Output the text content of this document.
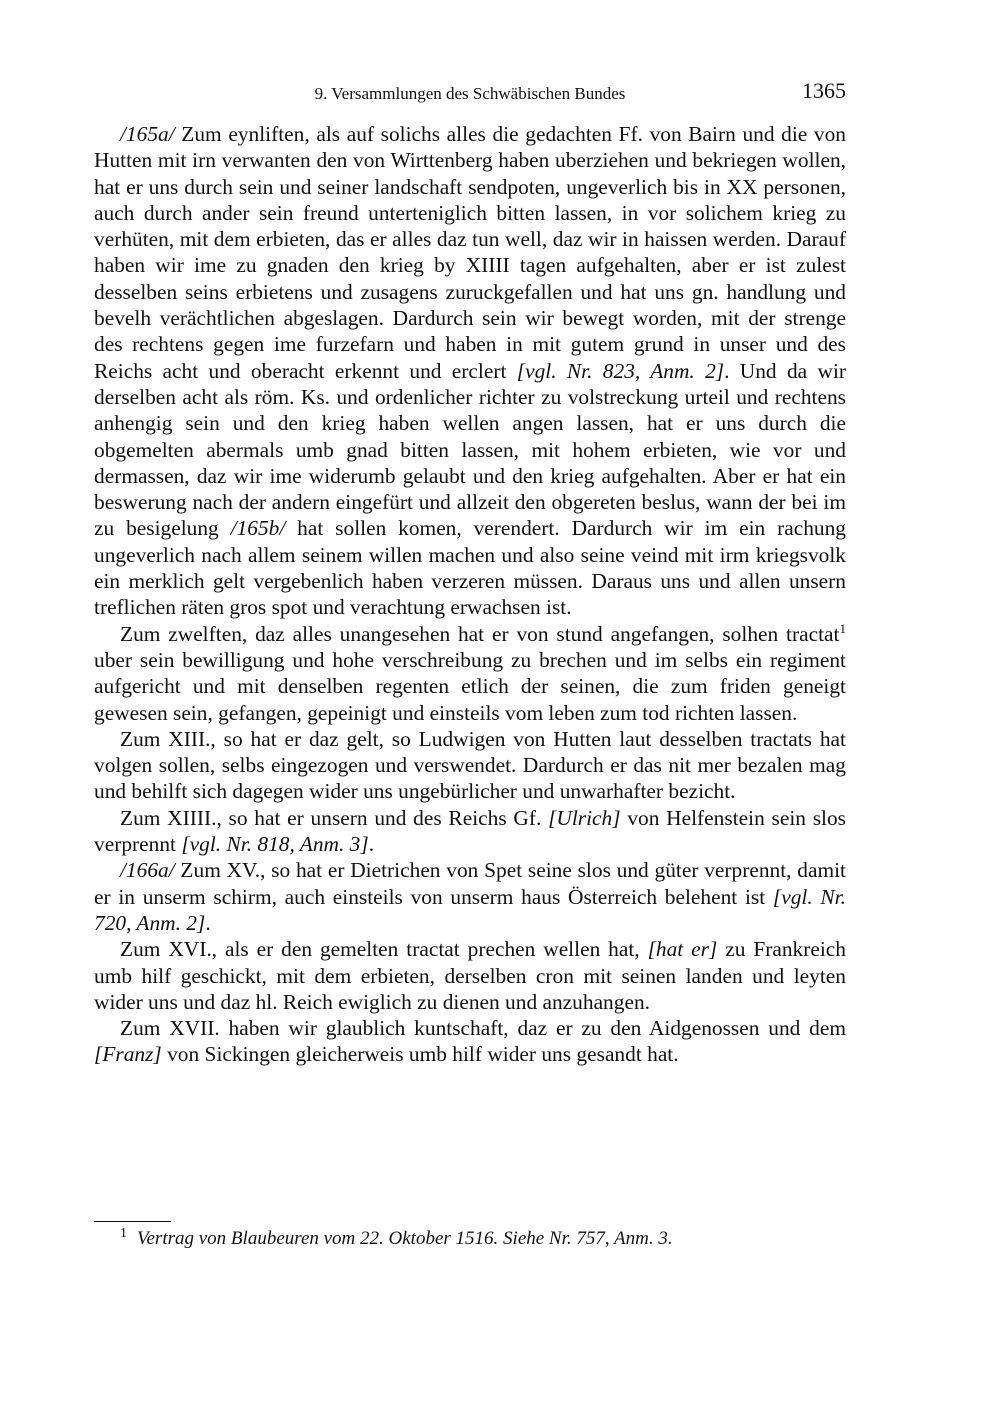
9. Versammlungen des Schwäbischen Bundes	1365

/165a/ Zum eynliften, als auf solichs alles die gedachten Ff. von Bairn und die von Hutten mit irn verwanten den von Wirttenberg haben uberziehen und bekriegen wollen, hat er uns durch sein und seiner landschaft sendpoten, ungeverlich bis in XX personen, auch durch ander sein freund unterteniglich bitten lassen, in vor solichem krieg zu verhüten, mit dem erbieten, das er alles daz tun well, daz wir in haissen werden. Darauf haben wir ime zu gnaden den krieg by XIIII tagen aufgehalten, aber er ist zulest desselben seins erbietens und zusagens zuruckgefallen und hat uns gn. handlung und bevelh verächtlichen abgeslagen. Dardurch sein wir bewegt worden, mit der strenge des rechtens gegen ime furzefarn und haben in mit gutem grund in unser und des Reichs acht und oberacht erkennt und erclert [vgl. Nr. 823, Anm. 2]. Und da wir derselben acht als röm. Ks. und ordenlicher richter zu volstreckung urteil und rechtens anhengig sein und den krieg haben wellen angen lassen, hat er uns durch die obgemelten abermals umb gnad bitten lassen, mit hohem erbieten, wie vor und dermassen, daz wir ime widerumb gelaubt und den krieg aufgehalten. Aber er hat ein beswerung nach der andern eingefürt und allzeit den obgereten beslus, wann der bei im zu besigelung /165b/ hat sollen komen, verendert. Dardurch wir im ein rachung ungeverlich nach allem seinem willen machen und also seine veind mit irm kriegsvolk ein merklich gelt vergebenlich haben verzeren müssen. Daraus uns und allen unsern treflichen räten gros spot und verachtung erwachsen ist.

Zum zwelften, daz alles unangesehen hat er von stund angefangen, solhen tractat$^1$ uber sein bewilligung und hohe verschreibung zu brechen und im selbs ein regiment aufgericht und mit denselben regenten etlich der seinen, die zum friden geneigt gewesen sein, gefangen, gepeinigt und einsteils vom leben zum tod richten lassen.

Zum XIII., so hat er daz gelt, so Ludwigen von Hutten laut desselben tractats hat volgen sollen, selbs eingezogen und verswendet. Dardurch er das nit mer bezalen mag und behilft sich dagegen wider uns ungebürlicher und unwarhafter bezicht.

Zum XIIII., so hat er unsern und des Reichs Gf. [Ulrich] von Helfenstein sein slos verprennt [vgl. Nr. 818, Anm. 3].

/166a/ Zum XV., so hat er Dietrichen von Spet seine slos und güter verprennt, damit er in unserm schirm, auch einsteils von unserm haus Österreich belehent ist [vgl. Nr. 720, Anm. 2].

Zum XVI., als er den gemelten tractat prechen wellen hat, [hat er] zu Frankreich umb hilf geschickt, mit dem erbieten, derselben cron mit seinen landen und leyten wider uns und daz hl. Reich ewiglich zu dienen und anzuhangen.

Zum XVII. haben wir glaublich kuntschaft, daz er zu den Aidgenossen und dem [Franz] von Sickingen gleicherweis umb hilf wider uns gesandt hat.

$^1$ Vertrag von Blaubeuren vom 22. Oktober 1516. Siehe Nr. 757, Anm. 3.
